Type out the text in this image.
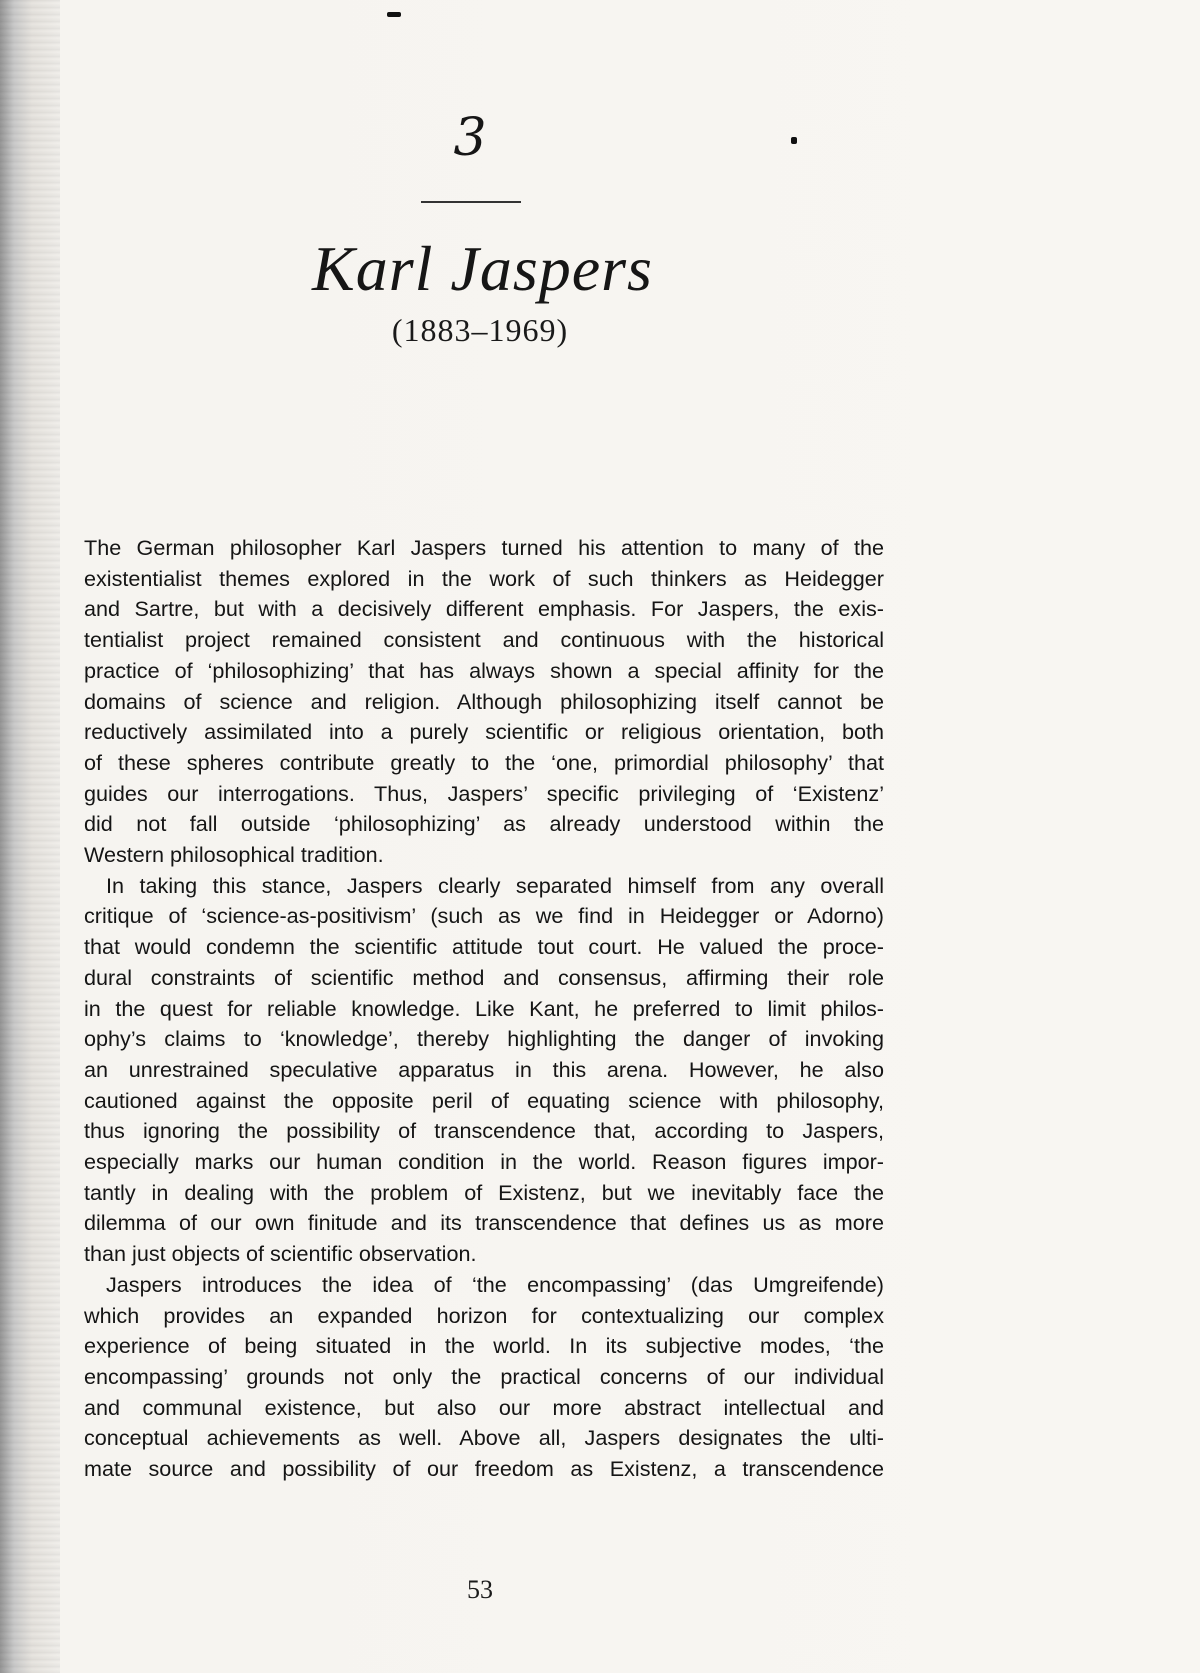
3
Karl Jaspers
(1883–1969)

The German philosopher Karl Jaspers turned his attention to many of the

existentialist themes explored in the work of such thinkers as Heidegger

and Sartre, but with a decisively different emphasis. For Jaspers, the exis-

tentialist project remained consistent and continuous with the historical

practice of ‘philosophizing’ that has always shown a special affinity for the

domains of science and religion. Although philosophizing itself cannot be

reductively assimilated into a purely scientific or religious orientation, both

of these spheres contribute greatly to the ‘one, primordial philosophy’ that

guides our interrogations. Thus, Jaspers’ specific privileging of ‘Existenz’

did not fall outside ‘philosophizing’ as already understood within the

Western philosophical tradition.

In taking this stance, Jaspers clearly separated himself from any overall

critique of ‘science-as-positivism’ (such as we find in Heidegger or Adorno)

that would condemn the scientific attitude tout court. He valued the proce-

dural constraints of scientific method and consensus, affirming their role

in the quest for reliable knowledge. Like Kant, he preferred to limit philos-

ophy’s claims to ‘knowledge’, thereby highlighting the danger of invoking

an unrestrained speculative apparatus in this arena. However, he also

cautioned against the opposite peril of equating science with philosophy,

thus ignoring the possibility of transcendence that, according to Jaspers,

especially marks our human condition in the world. Reason figures impor-

tantly in dealing with the problem of Existenz, but we inevitably face the

dilemma of our own finitude and its transcendence that defines us as more

than just objects of scientific observation.

Jaspers introduces the idea of ‘the encompassing’ (das Umgreifende)

which provides an expanded horizon for contextualizing our complex

experience of being situated in the world. In its subjective modes, ‘the

encompassing’ grounds not only the practical concerns of our individual

and communal existence, but also our more abstract intellectual and

conceptual achievements as well. Above all, Jaspers designates the ulti-

mate source and possibility of our freedom as Existenz, a transcendence

53
